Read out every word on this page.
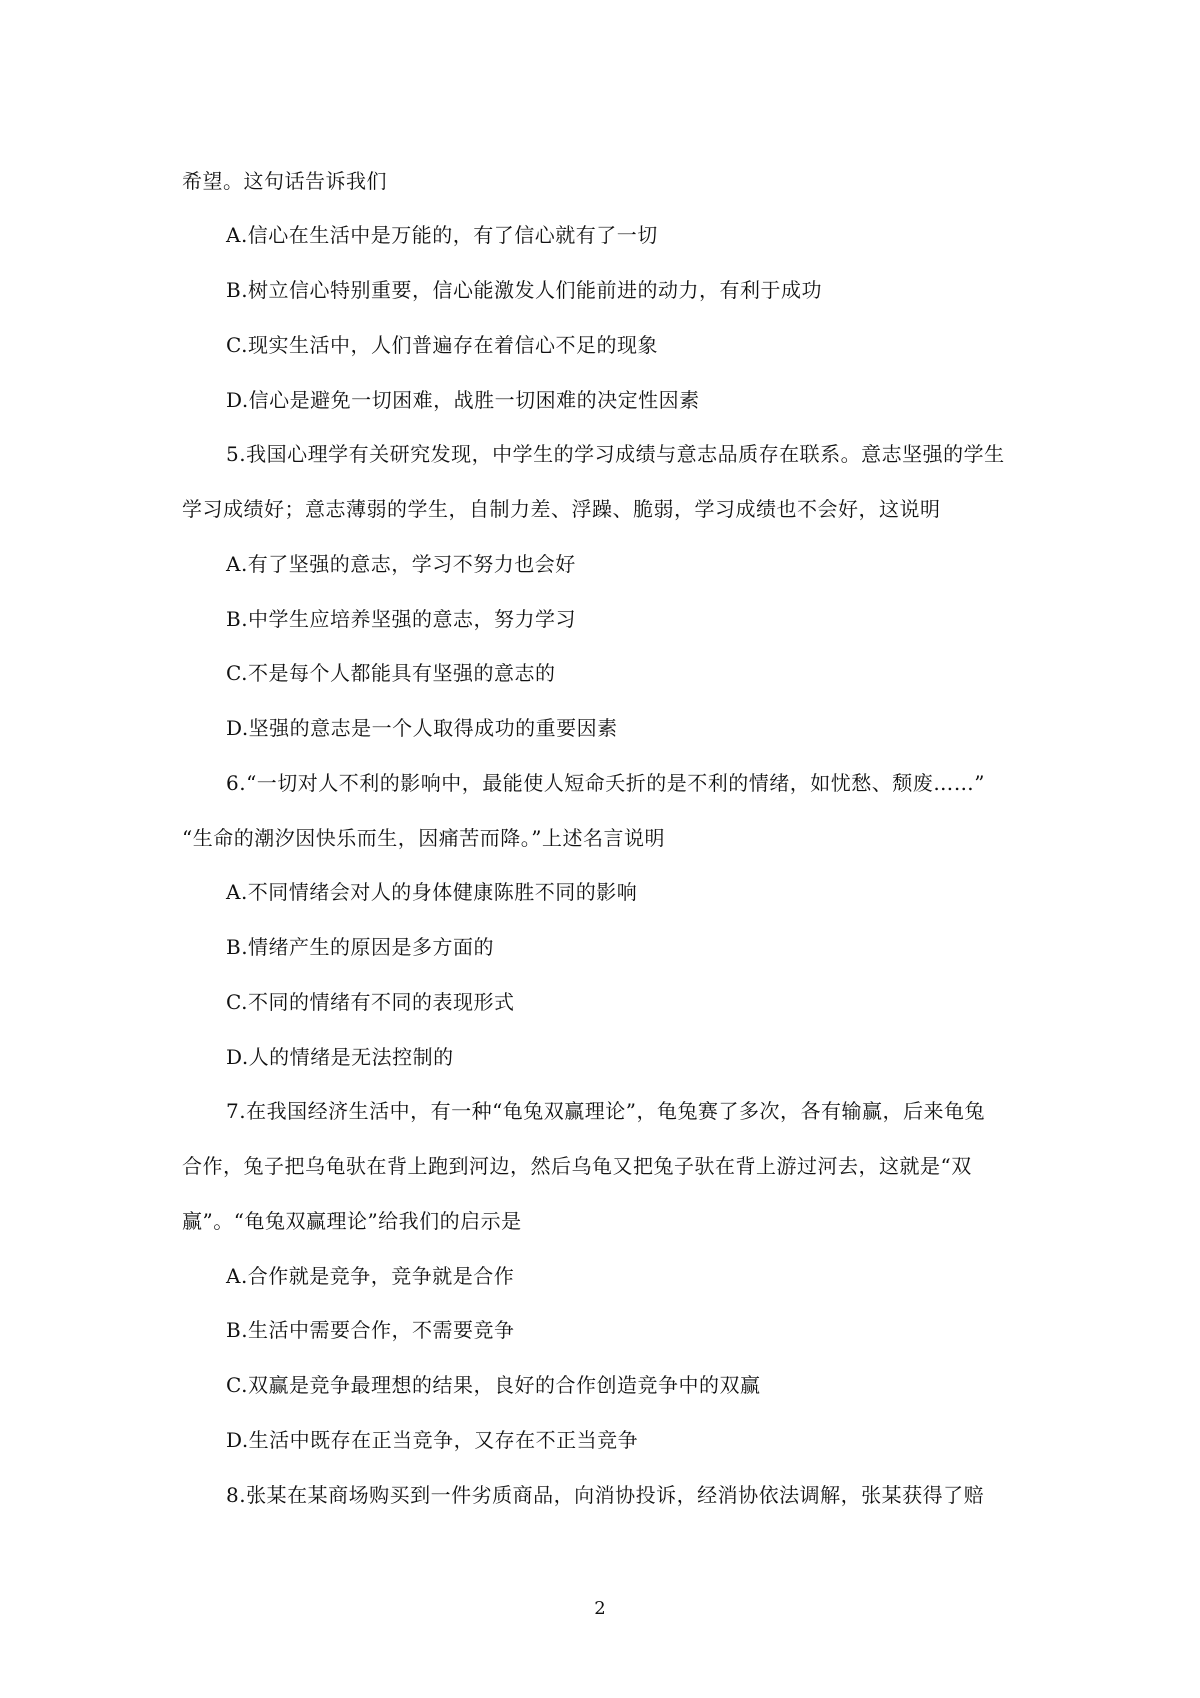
希望。这句话告诉我们
A.信心在生活中是万能的，有了信心就有了一切
B.树立信心特别重要，信心能激发人们能前进的动力，有利于成功
C.现实生活中，人们普遍存在着信心不足的现象
D.信心是避免一切困难，战胜一切困难的决定性因素
5.我国心理学有关研究发现，中学生的学习成绩与意志品质存在联系。意志坚强的学生
学习成绩好；意志薄弱的学生，自制力差、浮躁、脆弱，学习成绩也不会好，这说明
A.有了坚强的意志，学习不努力也会好
B.中学生应培养坚强的意志，努力学习
C.不是每个人都能具有坚强的意志的
D.坚强的意志是一个人取得成功的重要因素
6.“一切对人不利的影响中，最能使人短命夭折的是不利的情绪，如忧愁、颓废……”
“生命的潮汐因快乐而生，因痛苦而降。”上述名言说明
A.不同情绪会对人的身体健康陈胜不同的影响
B.情绪产生的原因是多方面的
C.不同的情绪有不同的表现形式
D.人的情绪是无法控制的
7.在我国经济生活中，有一种“龟兔双赢理论”，龟兔赛了多次，各有输赢，后来龟兔
合作，兔子把乌龟驮在背上跑到河边，然后乌龟又把兔子驮在背上游过河去，这就是“双
赢”。“龟兔双赢理论”给我们的启示是
A.合作就是竞争，竞争就是合作
B.生活中需要合作，不需要竞争
C.双赢是竞争最理想的结果，良好的合作创造竞争中的双赢
D.生活中既存在正当竞争，又存在不正当竞争
8.张某在某商场购买到一件劣质商品，向消协投诉，经消协依法调解，张某获得了赔
2
